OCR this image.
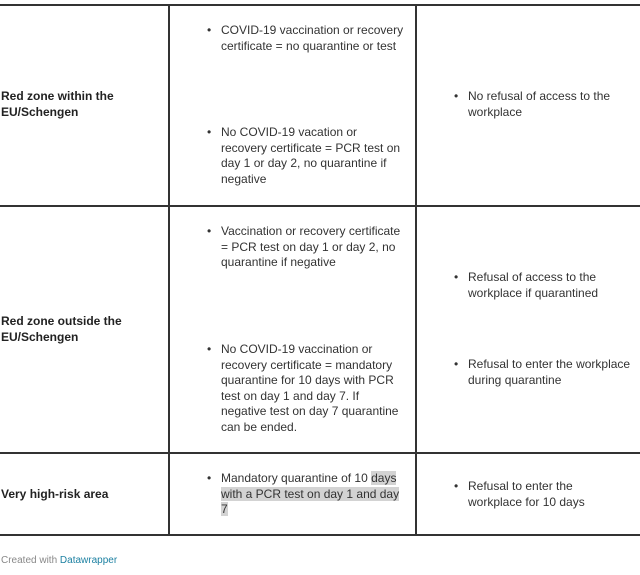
Red zone within the
EU/Schengen
• COVID-19 vaccination or recovery certificate = no quarantine or test
• No COVID-19 vacation or recovery certificate = PCR test on day 1 or day 2, no quarantine if negative
• No refusal of access to the workplace
Red zone outside the
EU/Schengen
• Vaccination or recovery certificate = PCR test on day 1 or day 2, no quarantine if negative
• No COVID-19 vaccination or recovery certificate = mandatory quarantine for 10 days with PCR test on day 1 and day 7. If negative test on day 7 quarantine can be ended.
• Refusal of access to the workplace if quarantined
• Refusal to enter the workplace during quarantine
Very high-risk area
• Mandatory quarantine of 10 days with a PCR test on day 1 and day 7
• Refusal to enter the workplace for 10 days
Created with Datawrapper
